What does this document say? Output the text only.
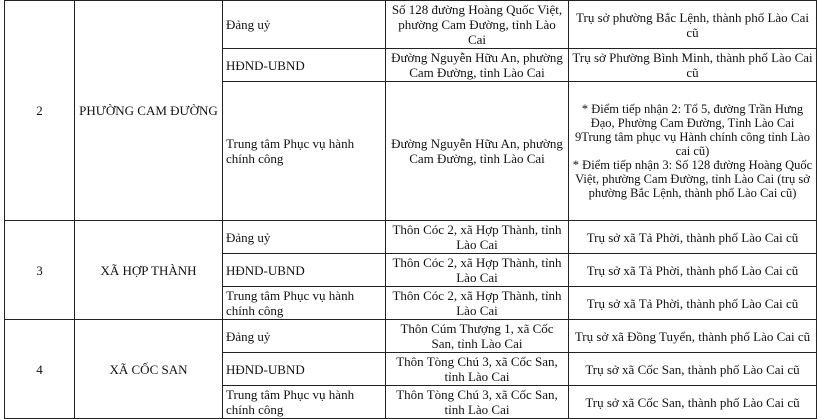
2	PHƯỜNG CAM ĐƯỜNG	Đảng uỷ	Số 128 đường Hoàng Quốc Việt, phường Cam Đường, tỉnh Lào Cai	Trụ sở phường Bắc Lệnh, thành phố Lào Cai cũ
		HĐND-UBND	Đường Nguyễn Hữu An, phường Cam Đường, tỉnh Lào Cai	Trụ sở Phường Bình Minh, thành phố Lào Cai cũ
		Trung tâm Phục vụ hành chính công	Đường Nguyễn Hữu An, phường Cam Đường, tỉnh Lào Cai	* Điểm tiếp nhận 2: Tổ 5, đường Trần Hưng Đạo, Phường Cam Đường, Tỉnh Lào Cai
9Trung tâm phục vụ Hành chính công tỉnh Lào cai cũ)
* Điểm tiếp nhận 3: Số 128 đường Hoàng Quốc Việt, phường Cam Đường, tỉnh Lào Cai (trụ sở phường Bắc Lệnh, thành phố Lào Cai cũ)

3	XÃ HỢP THÀNH	Đảng uỷ	Thôn Cóc 2, xã Hợp Thành, tỉnh Lào Cai	Trụ sở xã Tả Phời, thành phố Lào Cai cũ
		HĐND-UBND	Thôn Cóc 2, xã Hợp Thành, tỉnh Lào Cai	Trụ sở xã Tả Phời, thành phố Lào Cai cũ
		Trung tâm Phục vụ hành chính công	Thôn Cóc 2, xã Hợp Thành, tỉnh Lào Cai	Trụ sở xã Tả Phời, thành phố Lào Cai cũ
4	XÃ CỐC SAN	Đảng uỷ	Thôn Cúm Thượng 1, xã Cốc San, tỉnh Lào Cai	Trụ sở xã Đồng Tuyển, thành phố Lào Cai cũ
		HĐND-UBND	Thôn Tòng Chú 3, xã Cốc San, tỉnh Lào Cai	Trụ sở xã Cốc San, thành phố Lào Cai cũ
		Trung tâm Phục vụ hành chính công	Thôn Tòng Chú 3, xã Cốc San, tỉnh Lào Cai	Trụ sở xã Cốc San, thành phố Lào Cai cũ
